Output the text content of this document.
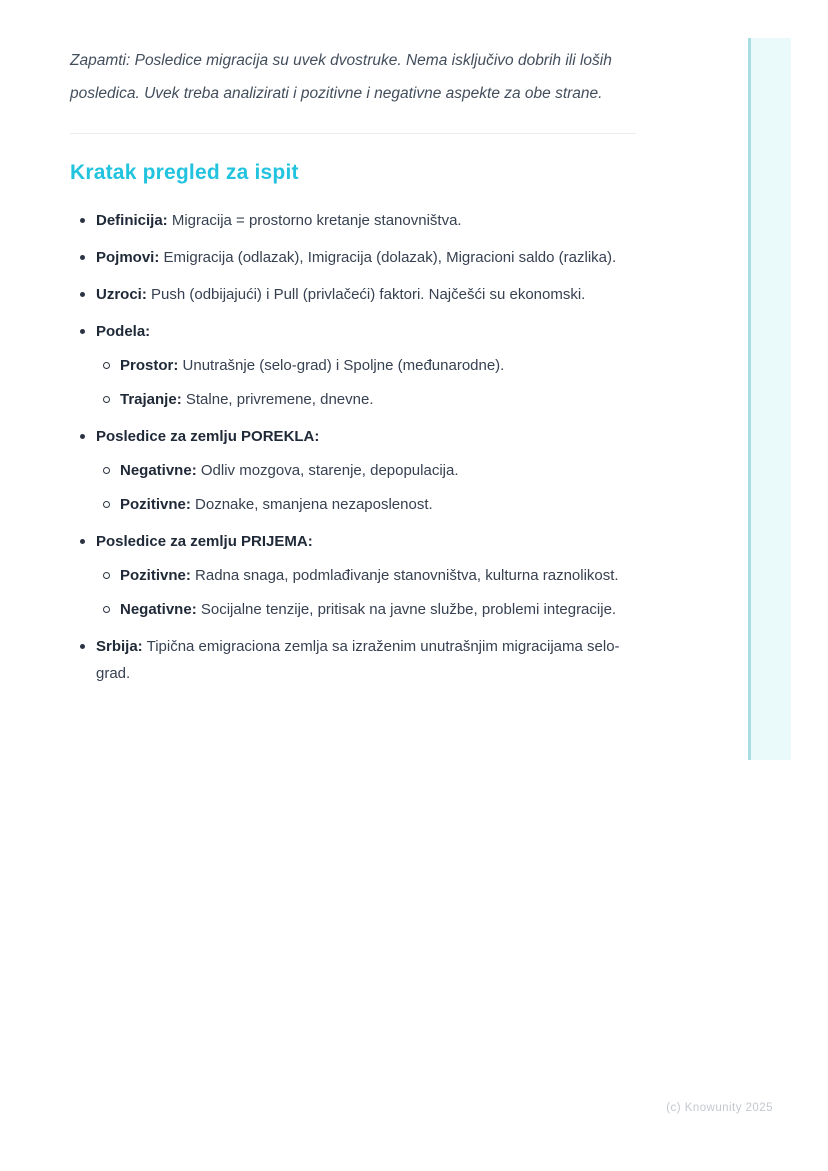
Zapamti: Posledice migracija su uvek dvostruke. Nema isključivo dobrih ili loših posledica. Uvek treba analizirati i pozitivne i negativne aspekte za obe strane.

Kratak pregled za ispit
Definicija: Migracija = prostorno kretanje stanovništva.
Pojmovi: Emigracija (odlazak), Imigracija (dolazak), Migracioni saldo (razlika).
Uzroci: Push (odbijajući) i Pull (privlačeći) faktori. Najčešći su ekonomski.
Podela:
Prostor: Unutrašnje (selo-grad) i Spoljne (međunarodne).
Trajanje: Stalne, privremene, dnevne.
Posledice za zemlju POREKLA:
Negativne: Odliv mozgova, starenje, depopulacija.
Pozitivne: Doznake, smanjena nezaposlenost.
Posledice za zemlju PRIJEMA:
Pozitivne: Radna snaga, podmlađivanje stanovništva, kulturna raznolikost.
Negativne: Socijalne tenzije, pritisak na javne službe, problemi integracije.
Srbija: Tipična emigraciona zemlja sa izraženim unutrašnjim migracijama selo-grad.
(c) Knowunity 2025
